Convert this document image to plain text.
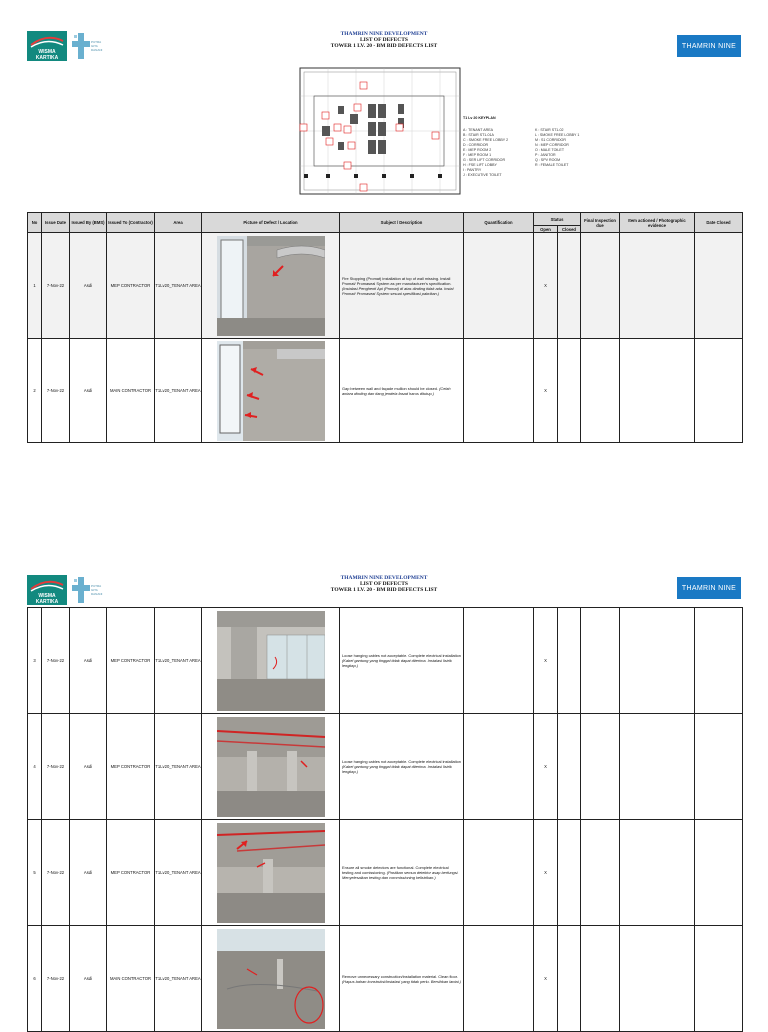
WISMA
KARTIKA
PUTRA
GITA
DANANI
THAMRIN NINE
THAMRIN NINE DEVELOPMENT
LIST OF DEFECTS
TOWER 1 LV. 20 - BM BID DEFECTS LIST
T1 Lv 20 KEYPLAN
A : TENANT AREA
B : STAIR ST1-01A
C : SMOKE FREE LOBBY 2
D : CORRIDOR
E : MEP ROOM 2
F : MEP ROOM 1
G : SER LIFT CORRIDOR
H : FSE LIFT LOBBY
I : PANTRY
J : EXECUTIVE TOILET
K : STAIR ST1-02
L : SMOKE FREE LOBBY 1
M : S1 CORRIDOR
N : MEP CORRIDOR
O : MALE TOILET
P : JANITOR
Q : SPV ROOM
R : FEMALE TOILET
No	Issue Date	Issued By (BMS)	Issued To (Contractor)	Area	Picture of Defect / Location	Subject / Description	Quantification	Status		Final Inspection due	Item actioned / Photographic evidence	Date Closed
								Open	Closed			
1	7-Nov-22	Asdi	MEP CONTRACTOR	T1Lv20_TENANT AREA		Fire Stopping (Promat) installation at top of wall missing. Install Promat/ Promaseal System as per manufacturer's specification. (Instalasi Penghenti Api (Promat) di atas dinding tidak ada. Instal Promat/ Promaseal System sesuai spesifikasi pabrikan.)		X				
2	7-Nov-22	Asdi	MAIN CONTRACTOR	T1Lv20_TENANT AREA		Gap between wall and façade mullion should be closed. (Celah antara dinding dan tiang jendela fasad harus ditutup.)		X				
WISMA
KARTIKA
PUTRA
GITA
DANANI
THAMRIN NINE
THAMRIN NINE DEVELOPMENT
LIST OF DEFECTS
TOWER 1 LV. 20 - BM BID DEFECTS LIST
3	7-Nov-22	Asdi	MEP CONTRACTOR	T1Lv20_TENANT AREA		Loose hanging cables not acceptable. Complete electrical installation (Kabel gantung yang tinggal tidak dapat diterima. Instalasi listrik lengkap.)		X				
4	7-Nov-22	Asdi	MEP CONTRACTOR	T1Lv20_TENANT AREA		Loose hanging cables not acceptable. Complete electrical installation (Kabel gantung yang tinggal tidak dapat diterima. Instalasi listrik lengkap.)		X				
5	7-Nov-22	Asdi	MEP CONTRACTOR	T1Lv20_TENANT AREA		Ensure all smoke detectors are functional. Complete electrical testing and comissioning. (Pastikan semua detektor asap berfungsi. Menyelesaikan testing dan commissioning kelistrikan.)		X				
6	7-Nov-22	Asdi	MAIN CONTRACTOR	T1Lv20_TENANT AREA		Remove unnecessary construction/installation material. Clean floor. (Hapus bahan konstruksi/instalasi yang tidak perlu. Bersihkan lantai.)		X				
